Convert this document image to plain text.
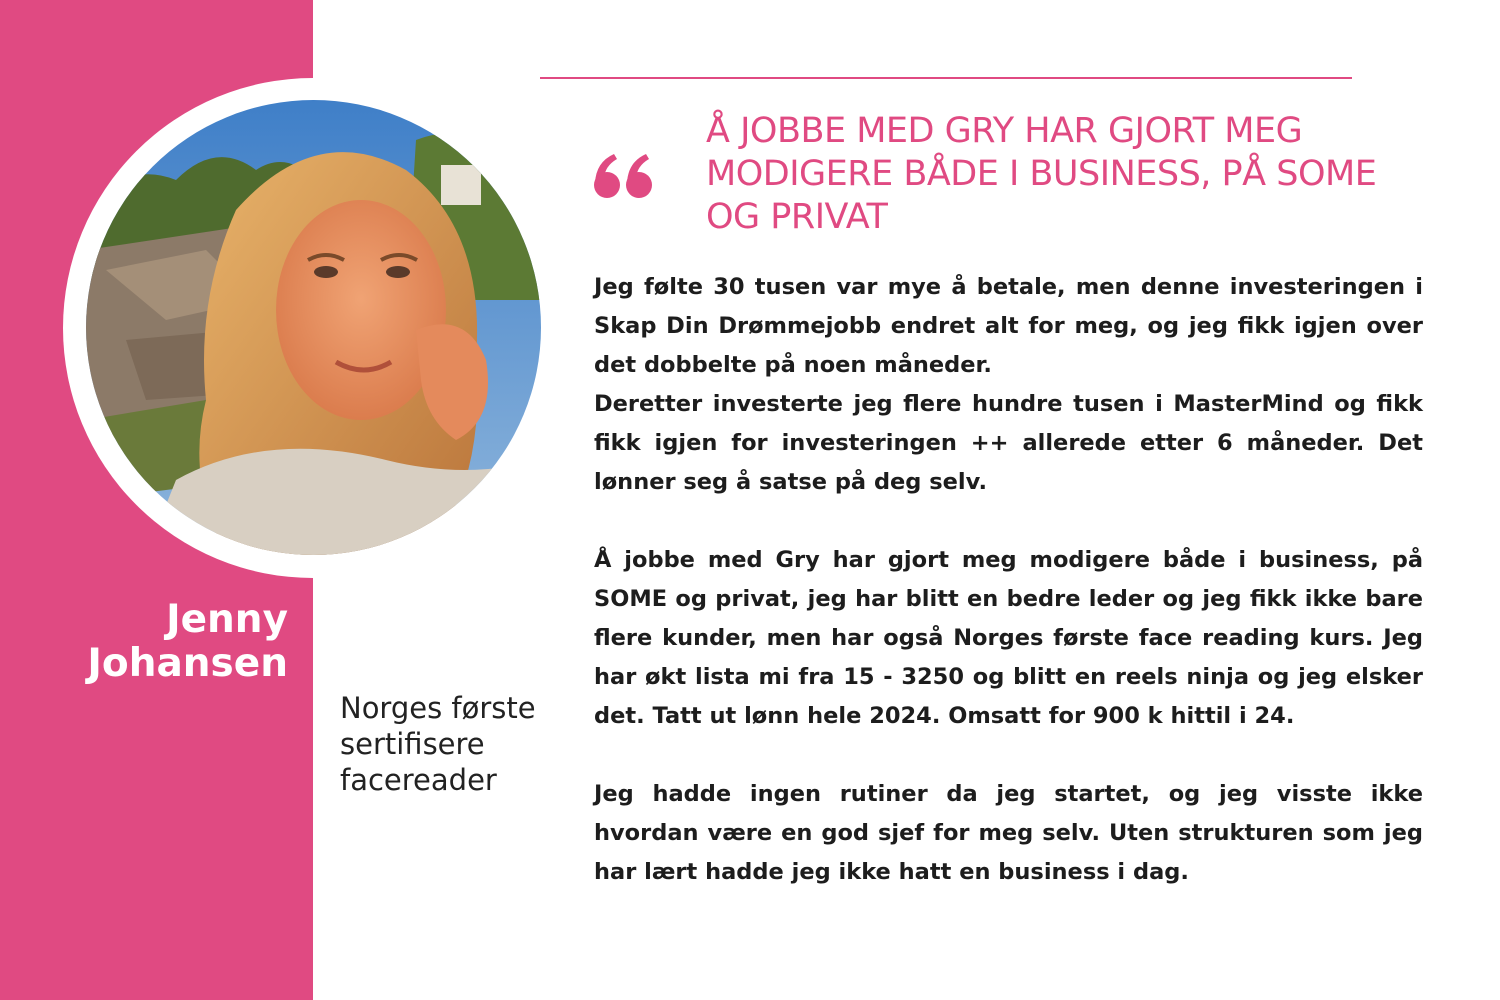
Jenny Johansen

Norges første sertifisere facereader

Å JOBBE MED GRY HAR GJORT MEG MODIGERE BÅDE I BUSINESS, PÅ SOME OG PRIVAT

Jeg følte 30 tusen var mye å betale, men denne investeringen i Skap Din Drømmejobb endret alt for meg, og jeg fikk igjen over det dobbelte på noen måneder.

Deretter investerte jeg flere hundre tusen i MasterMind og fikk fikk igjen for investeringen ++ allerede etter 6 måneder. Det lønner seg å satse på deg selv.

Å jobbe med Gry har gjort meg modigere både i business, på SOME og privat, jeg har blitt en bedre leder og jeg fikk ikke bare flere kunder, men har også Norges første face reading kurs. Jeg har økt lista mi fra 15 - 3250 og blitt en reels ninja og jeg elsker det. Tatt ut lønn hele 2024. Omsatt for 900 k hittil i 24.

Jeg hadde ingen rutiner da jeg startet, og jeg visste ikke hvordan være en god sjef for meg selv. Uten strukturen som jeg har lært hadde jeg ikke hatt en business i dag.
